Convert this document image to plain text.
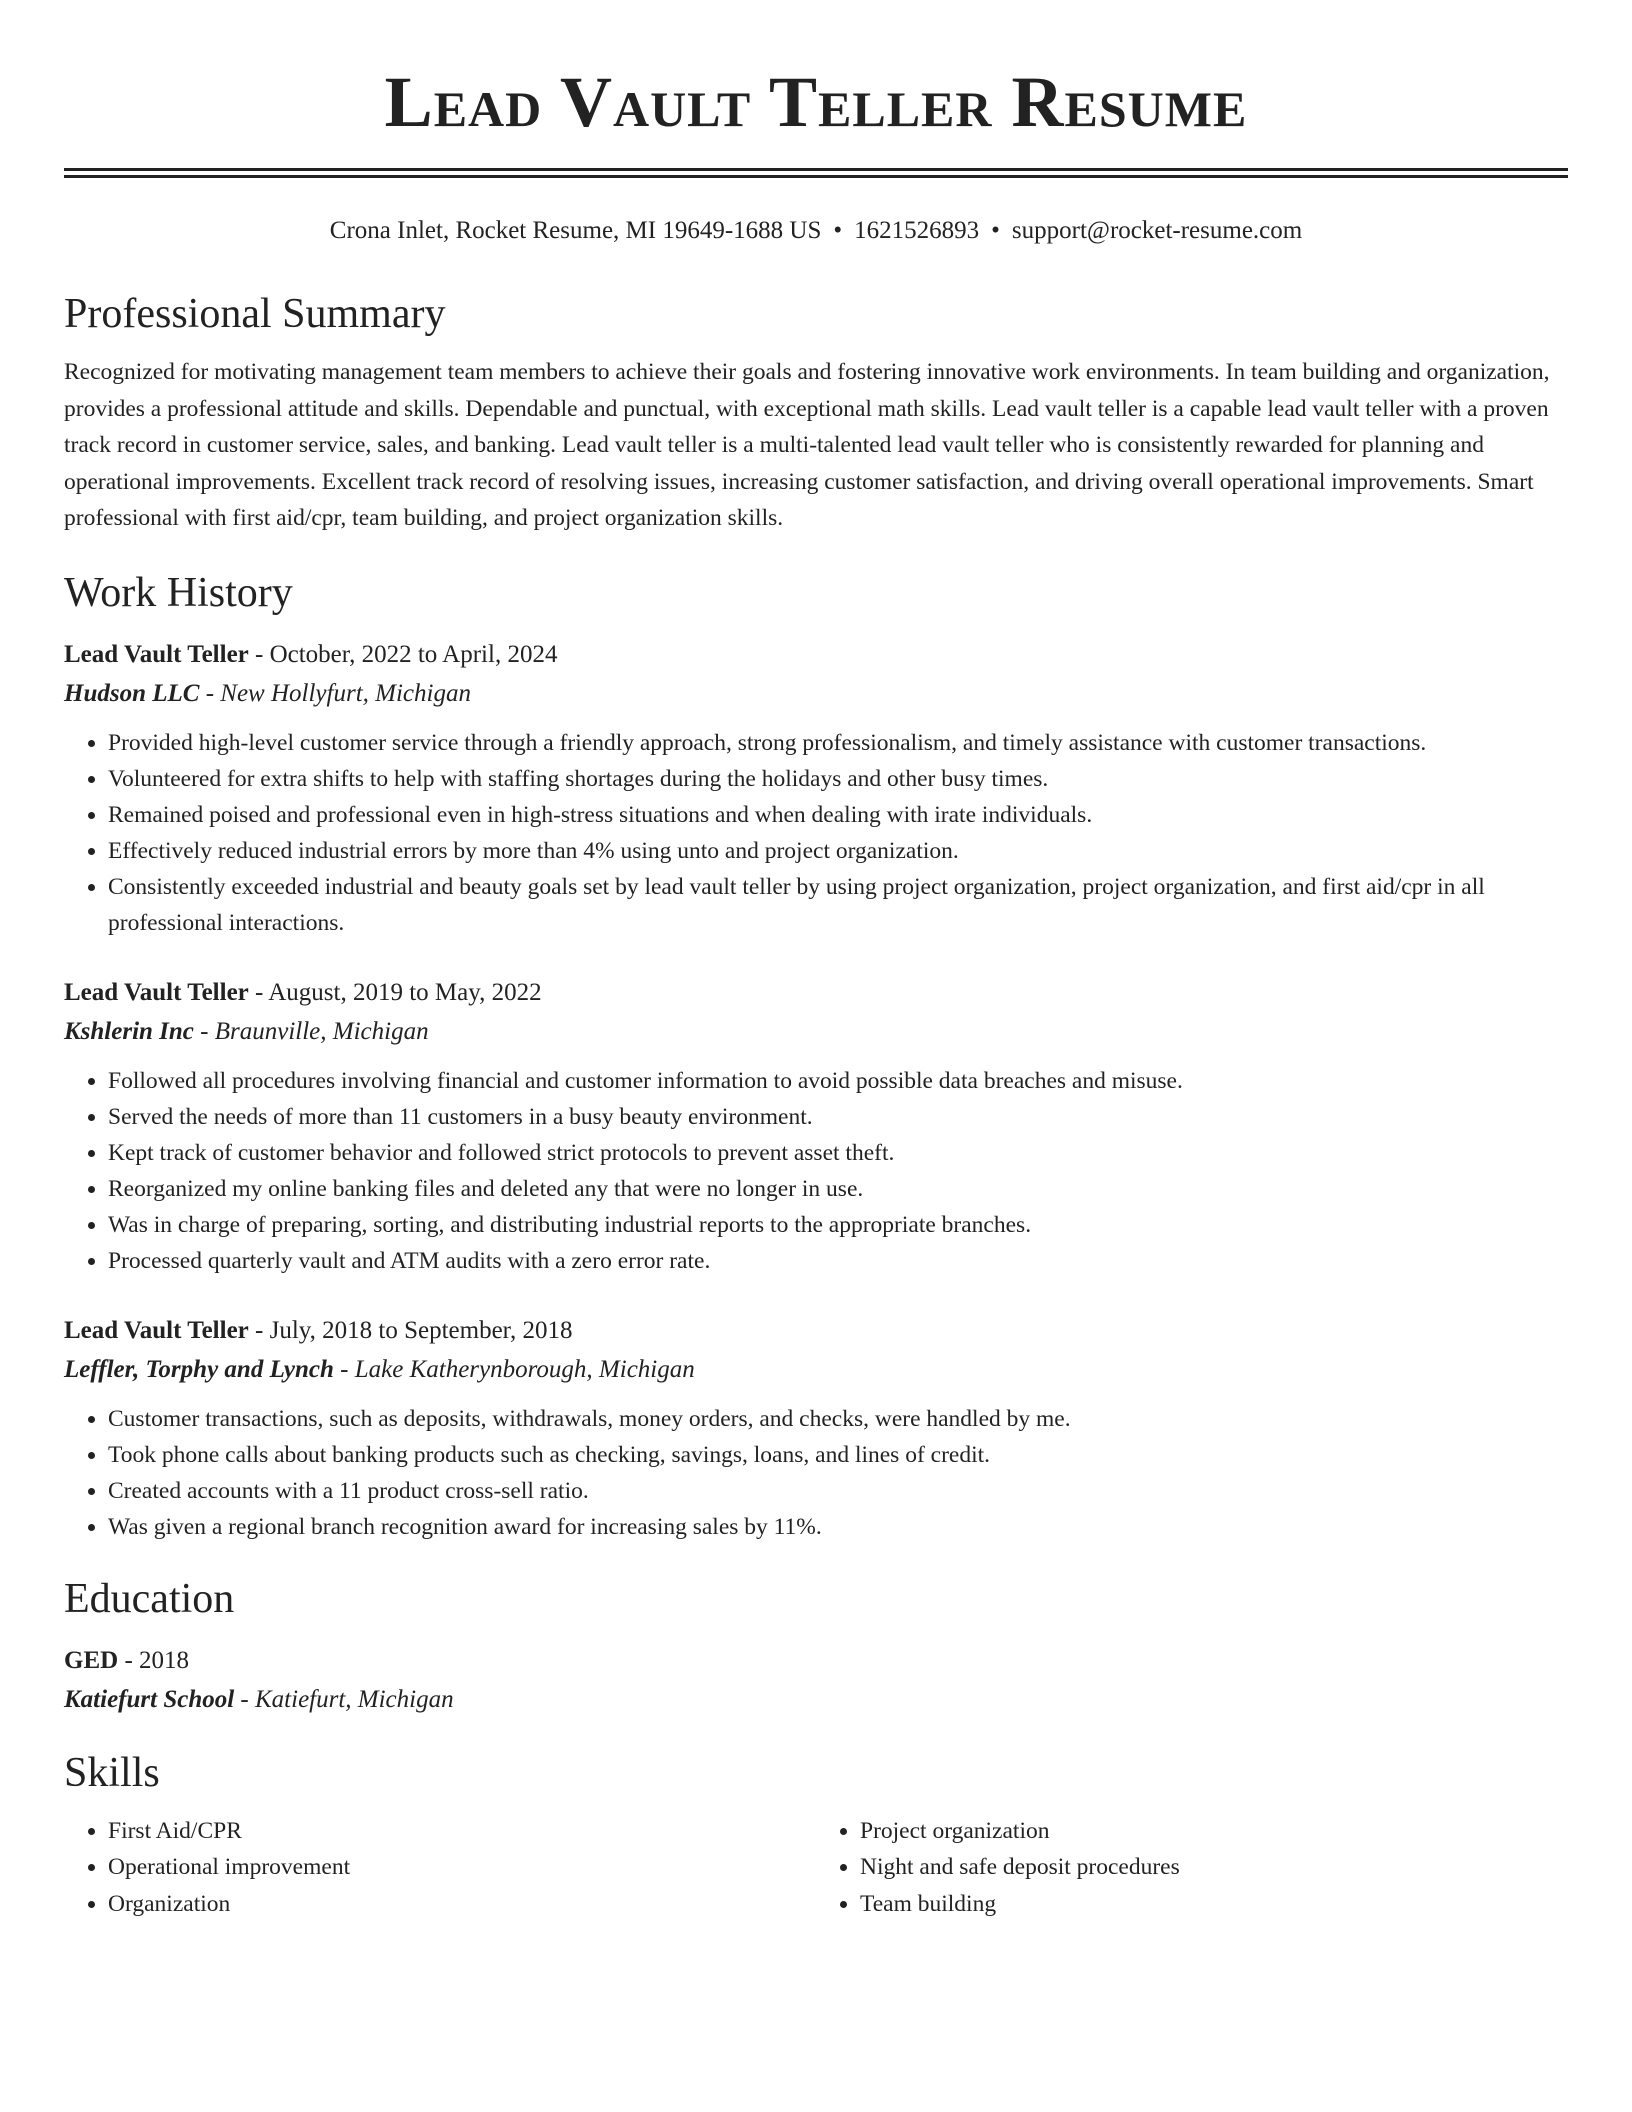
Lead Vault Teller Resume
Crona Inlet, Rocket Resume, MI 19649-1688 US • 1621526893 • support@rocket-resume.com
Professional Summary
Recognized for motivating management team members to achieve their goals and fostering innovative work environments. In team building and organization, provides a professional attitude and skills. Dependable and punctual, with exceptional math skills. Lead vault teller is a capable lead vault teller with a proven track record in customer service, sales, and banking. Lead vault teller is a multi-talented lead vault teller who is consistently rewarded for planning and operational improvements. Excellent track record of resolving issues, increasing customer satisfaction, and driving overall operational improvements. Smart professional with first aid/cpr, team building, and project organization skills.
Work History
Lead Vault Teller - October, 2022 to April, 2024
Hudson LLC - New Hollyfurt, Michigan
• Provided high-level customer service through a friendly approach, strong professionalism, and timely assistance with customer transactions.
• Volunteered for extra shifts to help with staffing shortages during the holidays and other busy times.
• Remained poised and professional even in high-stress situations and when dealing with irate individuals.
• Effectively reduced industrial errors by more than 4% using unto and project organization.
• Consistently exceeded industrial and beauty goals set by lead vault teller by using project organization, project organization, and first aid/cpr in all professional interactions.
Lead Vault Teller - August, 2019 to May, 2022
Kshlerin Inc - Braunville, Michigan
• Followed all procedures involving financial and customer information to avoid possible data breaches and misuse.
• Served the needs of more than 11 customers in a busy beauty environment.
• Kept track of customer behavior and followed strict protocols to prevent asset theft.
• Reorganized my online banking files and deleted any that were no longer in use.
• Was in charge of preparing, sorting, and distributing industrial reports to the appropriate branches.
• Processed quarterly vault and ATM audits with a zero error rate.
Lead Vault Teller - July, 2018 to September, 2018
Leffler, Torphy and Lynch - Lake Katherynborough, Michigan
• Customer transactions, such as deposits, withdrawals, money orders, and checks, were handled by me.
• Took phone calls about banking products such as checking, savings, loans, and lines of credit.
• Created accounts with a 11 product cross-sell ratio.
• Was given a regional branch recognition award for increasing sales by 11%.
Education
GED - 2018
Katiefurt School - Katiefurt, Michigan
Skills
• First Aid/CPR
• Operational improvement
• Organization
• Project organization
• Night and safe deposit procedures
• Team building
